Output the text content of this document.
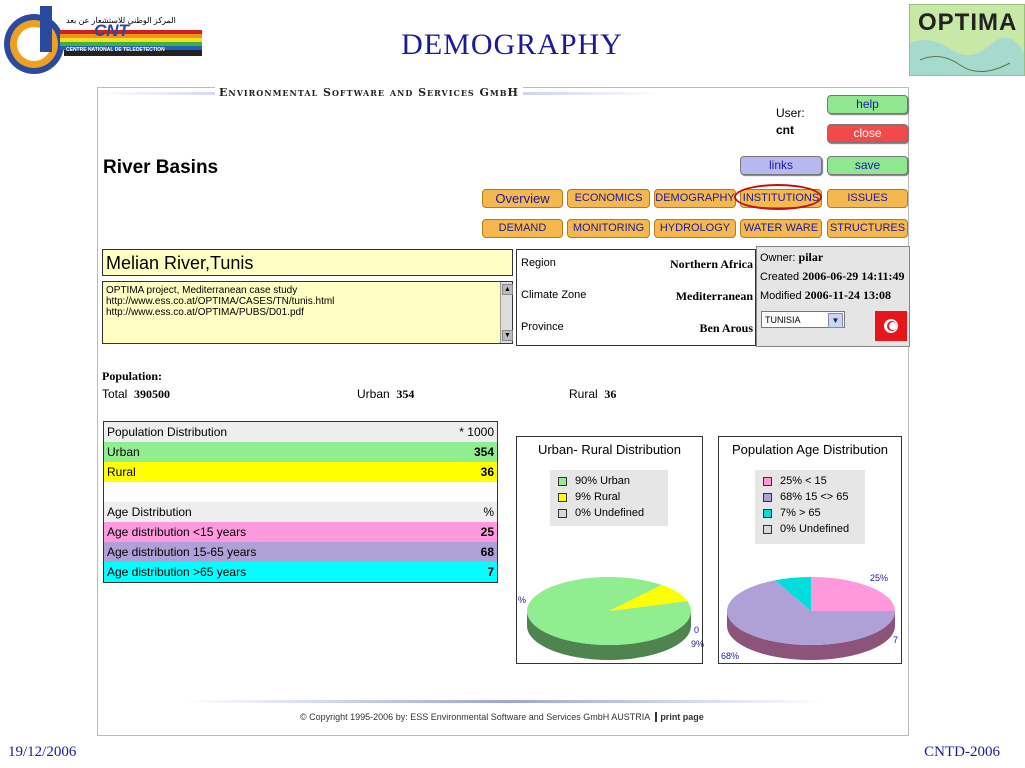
المركز الوطني للاستشعار عن بعد
CNT
CENTRE NATIONAL DE TELEDETECTION	DEMOGRAPHY
OPTIMA
Environmental Software and Services GmbH
User:
cnt
help
close
links	save
River Basins
Overview	ECONOMICS	DEMOGRAPHY INSTITUTIONS	ISSUES
DEMAND	MONITORING	HYDROLOGY	WATER WARE	STRUCTURES
Melian River,Tunis
OPTIMA project, Mediterranean case study
http://www.ess.co.at/OPTIMA/CASES/TN/tunis.html
http://www.ess.co.at/OPTIMA/PUBS/D01.pdf
▲
▼
Region	Northern Africa
Climate Zone	Mediterranean
Province	Ben Arous
Owner: pilar
Created 2006-06-29 14:11:49
Modified 2006-11-24 13:08
TUNISIA	▼
Population:
Total 390500	Urban 354	Rural 36
Population Distribution	* 1000
Urban	354
Rural	36

Age Distribution	%
Age distribution <15 years	25
Age distribution 15-65 years	68
Age distribution >65 years	7
Urban- Rural Distribution
90% Urban
9% Rural
0% Undefined
%
0
9%
Population Age Distribution
25% < 15
68% 15 <> 65
7% > 65
0% Undefined
25%
7
68%
© Copyright 1995-2006 by: ESS Environmental Software and Services GmbH AUSTRIA print page
19/12/2006	CNTD-2006
